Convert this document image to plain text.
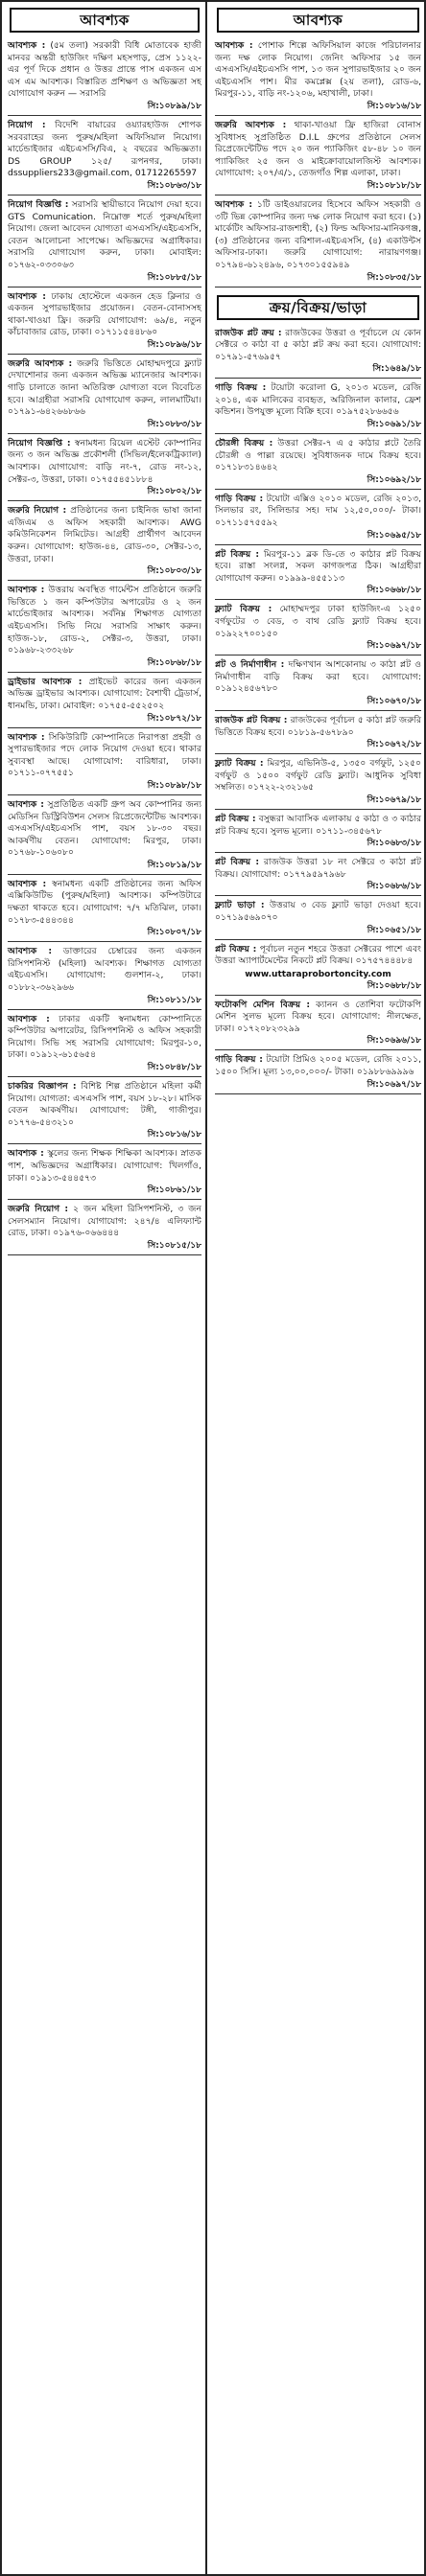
আবশ্যক
আবশ্যক : (৫ম তলা) সরকারী বিধি মোতাবেক হাজী মানবর অন্তরী হাউজিং দক্ষিণ মহসপাড়, প্রেস ১১২২-এর পূর্ণ দিকে প্রধান ও উত্তর প্রান্তে পাস একজন এস এস এম আবশ্যক। বিস্তারিত প্রশিক্ষণ ও অভিজ্ঞতা সহ যোগাযোগ করুন — সরাসরি
সি:১০৮৯৯/১৮
নিয়োগ : বিদেশি বায়ারের ওয়্যারহাউজ শোপক সরবরাহের জন্য পুরুষ/মহিলা অফিসিয়াল নিয়োগ। মার্চেন্ডাইজার এইচএসসি/বিএ, ২ বছরের অভিজ্ঞতা। DS GROUP ১২৫/ রূপনগর, ঢাকা। dssuppliers233@gmail.com, 01712265597
সি:১০৮৬৩/১৮
নিয়োগ বিজ্ঞপ্তি : সরাসরি স্থায়ীভাবে নিয়োগ দেয়া হবে। GTS Comunication. নিম্নোক্ত শর্তে পুরুষ/মহিলা নিয়োগ। জেলা আবেদন যোগ্যতা এসএসসি/এইচএসসি, বেতন আলোচনা সাপেক্ষে। অভিজ্ঞদের অগ্রাধিকার। সরাসরি যোগাযোগ করুন, ঢাকা। মোবাইল: ০১৭৬২-০৩৩০৬৩
সি:১০৮৮৫/১৮
আবশ্যক : ঢাকায় হোস্টেলে একজন হেড ক্লিনার ও একজন সুপারভাইজার প্রয়োজন। বেতন-বোনাসসহ থাকা-খাওয়া ফ্রি। জরুরি যোগাযোগ: ৬৯/৪, নতুন কাঁচাবাজার রোড, ঢাকা। ০১৭১১৫৪৪৮৬০
সি:১০৮৯৬/১৮
জরুরি আবশ্যক : জরুরি ভিত্তিতে মোহাম্মদপুরে ফ্ল্যাট দেখাশোনার জন্য একজন অভিজ্ঞ ম্যানেজার আবশ্যক। গাড়ি চালাতে জানা অতিরিক্ত যোগ্যতা বলে বিবেচিত হবে। আগ্রহীরা সরাসরি যোগাযোগ করুন, লালমাটিয়া। ০১৭৯১-৬৪২৬৬৮৬৬
সি:১০৮৮৩/১৮
নিয়োগ বিজ্ঞপ্তি : স্বনামধন্য রিয়েল এস্টেট কোম্পানির জন্য ৩ জন অভিজ্ঞ প্রকৌশলী (সিভিল/ইলেকট্রিক্যাল) আবশ্যক। যোগাযোগ: বাড়ি নং-৭, রোড নং-১২, সেক্টর-৩, উত্তরা, ঢাকা। ০১৭৫৫৪৫১৮৮৪
সি:১০৮০২/১৮
জরুরি নিয়োগ : প্রতিষ্ঠানের জন্য চাইনিজ ভাষা জানা এজিএম ও অফিস সহকারী আবশ্যক। AWG কমিউনিকেশন লিমিটেড। আগ্রহী প্রার্থীগণ আবেদন করুন। যোগাযোগ: হাউজ-৪৪, রোড-৩০, সেক্টর-১৩, উত্তরা, ঢাকা।
সি:১০৮০৩/১৮
আবশ্যক : উত্তরায় অবস্থিত গার্মেন্টস প্রতিষ্ঠানে জরুরি ভিত্তিতে ১ জন কম্পিউটার অপারেটর ও ২ জন মার্চেন্ডাইজার আবশ্যক। সর্বনিম্ন শিক্ষাগত যোগ্যতা এইচএসসি। সিভি নিয়ে সরাসরি সাক্ষাৎ করুন। হাউজ-১৮, রোড-২, সেক্টর-৩, উত্তরা, ঢাকা। ০১৯৬৮-২৩৩২৬৮
সি:১০৮৬৮/১৮
ড্রাইভার আবশ্যক : প্রাইভেট কারের জন্য একজন অভিজ্ঞ ড্রাইভার আবশ্যক। যোগাযোগ: বৈশাখী ট্রেডার্স, ধানমন্ডি, ঢাকা। মোবাইল: ০১৭৫৫-৫৫২৫০২
সি:১০৮৭২/১৮
আবশ্যক : সিকিউরিটি কোম্পানিতে নিরাপত্তা প্রহরী ও সুপারভাইজার পদে লোক নিয়োগ দেওয়া হবে। থাকার সুব্যবস্থা আছে। যোগাযোগ: বারিধারা, ঢাকা। ০১৭১১-০৭৭৫৫১
সি:১০৮৯৮/১৮
আবশ্যক : সুপ্রতিষ্ঠিত একটি গ্রুপ অব কোম্পানির জন্য মেডিসিন ডিস্ট্রিবিউশন সেলস রিপ্রেজেন্টেটিভ আবশ্যক। এসএসসি/এইচএসসি পাশ, বয়স ১৮-৩০ বছর। আকর্ষণীয় বেতন। যোগাযোগ: মিরপুর, ঢাকা। ০১৭৬৮-১০৬০৮০
সি:১০৮১৯/১৮
আবশ্যক : স্বনামধন্য একটি প্রতিষ্ঠানের জন্য অফিস এক্সিকিউটিভ (পুরুষ/মহিলা) আবশ্যক। কম্পিউটারে দক্ষতা থাকতে হবে। যোগাযোগ: ৭/৭ মতিঝিল, ঢাকা। ০১৭৮৩-৫৪৪৩৪৪
সি:১০৮০৭/১৮
আবশ্যক : ডাক্তারের চেম্বারের জন্য একজন রিসিপশনিস্ট (মহিলা) আবশ্যক। শিক্ষাগত যোগ্যতা এইচএসসি। যোগাযোগ: গুলশান-২, ঢাকা। ০১৮৮২-৩৬২৯৬৬
সি:১০৮১১/১৮
আবশ্যক : ঢাকার একটি স্বনামধন্য কোম্পানিতে কম্পিউটার অপারেটর, রিসিপশনিস্ট ও অফিস সহকারী নিয়োগ। সিভি সহ সরাসরি যোগাযোগ: মিরপুর-১০, ঢাকা। ০১৯১২-৬১৫৬৫৪
সি:১০৮৪৮/১৮
চাকরির বিজ্ঞাপন : বিশিষ্ট শিল্প প্রতিষ্ঠানে মহিলা কর্মী নিয়োগ। যোগ্যতা: এসএসসি পাশ, বয়স ১৮-২৮। মাসিক বেতন আকর্ষণীয়। যোগাযোগ: টঙ্গী, গাজীপুর। ০১৭৭৬-৫৪৩২১০
সি:১০৮১৬/১৮
আবশ্যক : স্কুলের জন্য শিক্ষক শিক্ষিকা আবশ্যক। স্নাতক পাশ, অভিজ্ঞদের অগ্রাধিকার। যোগাযোগ: খিলগাঁও, ঢাকা। ০১৯১৩-৫৪৪৫৭৩
সি:১০৮৬১/১৮
জরুরি নিয়োগ : ২ জন মহিলা রিসিপশনিস্ট, ৩ জন সেলসম্যান নিয়োগ। যোগাযোগ: ২৪৭/৪ এলিফ্যান্ট রোড, ঢাকা। ০১৯৭৬-০৬৬৪৪৪
সি:১০৮১৫/১৮
আবশ্যক
আবশ্যক : পোশাক শিল্পে অফিসিয়াল কাজে পরিচালনার জন্য দক্ষ লোক নিয়োগ। জেনিং অফিসার ১৫ জন এসএসসি/এইচএসসি পাশ, ১৩ জন সুপারভাইজার ২০ জন এইচএসসি পাশ। মীর কমপ্লেক্স (২য় তলা), রোড-৬, মিরপুর-১১, বাড়ি নং-১২০৬, মহাখালী, ঢাকা।
সি:১০৮১৬/১৮
জরুরি আবশ্যক : থাকা-খাওয়া ফ্রি হাজিরা বোনাস সুবিধাসহ সুপ্রতিষ্ঠিত D.I.L গ্রুপের প্রতিষ্ঠানে সেলস রিপ্রেজেন্টেটিভ পদে ২০ জন প্যাকিজিং ৫৮-৪৮ ১০ জন প্যাকিজিং ২৫ জন ও মাইক্রোবায়োলজিস্ট আবশ্যক। যোগাযোগ: ২০৭/এ/১, তেজগাঁও শিল্প এলাকা, ঢাকা।
সি:১০৮১৮/১৮
আবশ্যক : ১টি ডাইওয়ারলের হিসেবে অফিস সহকারী ও ৩টি ভিন্ন কোম্পানির জন্য দক্ষ লোক নিয়োগ করা হবে। (১) মার্কেটিং অফিসার-রাজশাহী, (২) ফিল্ড অফিসার-মানিকগঞ্জ, (৩) প্রতিষ্ঠানের জন্য বরিশাল-এইচএসসি, (৪) একাউন্টস অফিসার-ঢাকা। জরুরি যোগাযোগ: নারায়ণগঞ্জ। ০১৭৯৪-৬১২৪৯৬, ০১৭৩০১৫৫৯৪৯
সি:১০৮৩৫/১৮
ক্রয়/বিক্রয়/ভাড়া
রাজউক প্লট ক্রয় : রাজউকের উত্তরা ও পূর্বাচলে যে কোন সেক্টরে ৩ কাঠা বা ৫ কাঠা প্লট ক্রয় করা হবে। যোগাযোগ: ০১৭৯১-৫৭৬৯৫৭
সি:১৬৪৯/১৮
গাড়ি বিক্রয় : টয়োটা করোলা G, ২০১৩ মডেল, রেজি ২০১৪, এক মালিকের ব্যবহৃত, অরিজিনাল কালার, ফ্রেশ কন্ডিশন। উপযুক্ত মূল্যে বিক্রি হবে। ০১৯৭৫২৮৬৬৫৬
সি:১০৬৯১/১৮
চৌরঙ্গী বিক্রয় : উত্তরা সেক্টর-৭ এ ৫ কাঠার প্লটে তৈরি চৌরঙ্গী ও পাল্লা রয়েছে। সুবিধাজনক দামে বিক্রয় হবে। ০১৭১৮৩১৪৬৪২
সি:১০৬৯২/১৮
গাড়ি বিক্রয় : টয়োটা এক্সিও ২০১০ মডেল, রেজি ২০১৩, সিলভার রং, সিলিন্ডার সহ। দাম ১২,৫০,০০০/- টাকা। ০১৭১১৫৭৫৫৯২
সি:১০৬৯৫/১৮
প্লট বিক্রয় : মিরপুর-১১ ব্লক ডি-তে ৩ কাঠার প্লট বিক্রয় হবে। রাস্তা সংলগ্ন, সকল কাগজপত্র ঠিক। আগ্রহীরা যোগাযোগ করুন। ০১৯৯৯-৪৫৫১১৩
সি:১০৬৬৮/১৮
ফ্ল্যাট বিক্রয় : মোহাম্মদপুর ঢাকা হাউজিং-এ ১২৫০ বর্গফুটের ৩ বেড, ৩ বাথ রেডি ফ্ল্যাট বিক্রয় হবে। ০১৯২২৭০০১৫০
সি:১০৬৯৭/১৮
প্লট ও নির্মাণাধীন : দক্ষিণখান আশকোনায় ৩ কাঠা প্লট ও নির্মাণাধীন বাড়ি বিক্রয় করা হবে। যোগাযোগ: ০১৯১২৪৫৬৭৮০
সি:১০৬৭০/১৮
রাজউক প্লট বিক্রয় : রাজউকের পূর্বাচল ৫ কাঠা প্লট জরুরি ভিত্তিতে বিক্রয় হবে। ০১৮১৯-৫৬৭৮৯০
সি:১০৬৭২/১৮
ফ্ল্যাট বিক্রয় : মিরপুর, এভিনিউ-৫, ১৩৫০ বর্গফুট, ১২৫০ বর্গফুট ও ১৫০০ বর্গফুট রেডি ফ্ল্যাট। আধুনিক সুবিধা সম্বলিত। ০১৭২২-২৩২১৬৫
সি:১০৬৭৯/১৮
প্লট বিক্রয় : বসুন্ধরা আবাসিক এলাকায় ৫ কাঠা ও ৩ কাঠার প্লট বিক্রয় হবে। সুলভ মূল্যে। ০১৭১১-৩৪৫৬৭৮
সি:১০৬৮৩/১৮
প্লট বিক্রয় : রাজউক উত্তরা ১৮ নং সেক্টরে ৩ কাঠা প্লট বিক্রয়। যোগাযোগ: ০১৭৭৯৫৯৭৯৬৮
সি:১০৬৮৬/১৮
ফ্ল্যাট ভাড়া : উত্তরায় ৩ বেড ফ্ল্যাট ভাড়া দেওয়া হবে। ০১৭১৯৫৬৯০৭০
সি:১০৬৫১/১৮
প্লট বিক্রয় : পূর্বাচল নতুন শহরে উত্তরা সেক্টরের পাশে এবং উত্তরা অ্যাপার্টমেন্টের নিকটে প্লট বিক্রয়। ০১৭৫৭৪৪৪৮৪
www.uttaraprobortoncity.com
সি:১০৬৮৮/১৮
ফটোকপি মেশিন বিক্রয় : ক্যানন ও তোশিবা ফটোকপি মেশিন সুলভ মূল্যে বিক্রয় হবে। যোগাযোগ: নীলক্ষেত, ঢাকা। ০১৭২০৮২৩২৯৯
সি:১০৬৯৬/১৮
গাড়ি বিক্রয় : টয়োটা প্রিমিও ২০০৫ মডেল, রেজি ২০১১, ১৫০০ সিসি। মূল্য ১৩,০০,০০০/- টাকা। ০১৯৮৮৬৯৯৯৬
সি:১০৬৯৭/১৮
